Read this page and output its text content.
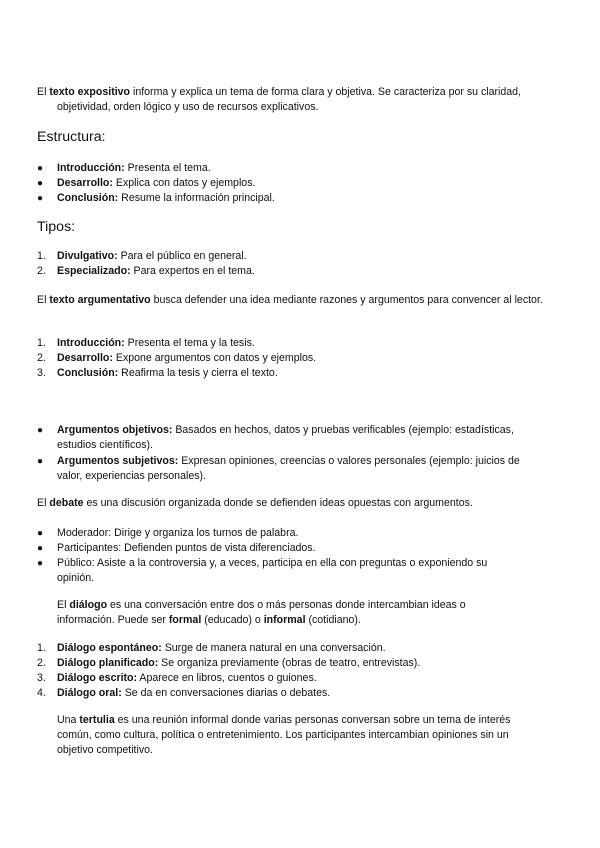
El texto expositivo informa y explica un tema de forma clara y objetiva. Se caracteriza por su claridad, objetividad, orden lógico y uso de recursos explicativos.

Estructura:
●	Introducción: Presenta el tema.
●	Desarrollo: Explica con datos y ejemplos.
●	Conclusión: Resume la información principal.
Tipos:
1.	Divulgativo: Para el público en general.
2.	Especializado: Para expertos en el tema.

El texto argumentativo busca defender una idea mediante razones y argumentos para convencer al lector.

1.	Introducción: Presenta el tema y la tesis.
2.	Desarrollo: Expone argumentos con datos y ejemplos.
3.	Conclusión: Reafirma la tesis y cierra el texto.
●	Argumentos objetivos: Basados en hechos, datos y pruebas verificables (ejemplo: estadísticas, estudios científicos).
●	Argumentos subjetivos: Expresan opiniones, creencias o valores personales (ejemplo: juicios de valor, experiencias personales).

El debate es una discusión organizada donde se defienden ideas opuestas con argumentos.

●	Moderador: Dirige y organiza los turnos de palabra.
●	Participantes: Defienden puntos de vista diferenciados.
●	Público: Asiste a la controversia y, a veces, participa en ella con preguntas o exponiendo su opinión.

El diálogo es una conversación entre dos o más personas donde intercambian ideas o información. Puede ser formal (educado) o informal (cotidiano).

1.	Diálogo espontáneo: Surge de manera natural en una conversación.
2.	Diálogo planificado: Se organiza previamente (obras de teatro, entrevistas).
3.	Diálogo escrito: Aparece en libros, cuentos o guiones.
4.	Diálogo oral: Se da en conversaciones diarias o debates.

Una tertulia es una reunión informal donde varias personas conversan sobre un tema de interés común, como cultura, política o entretenimiento. Los participantes intercambian opiniones sin un objetivo competitivo.
